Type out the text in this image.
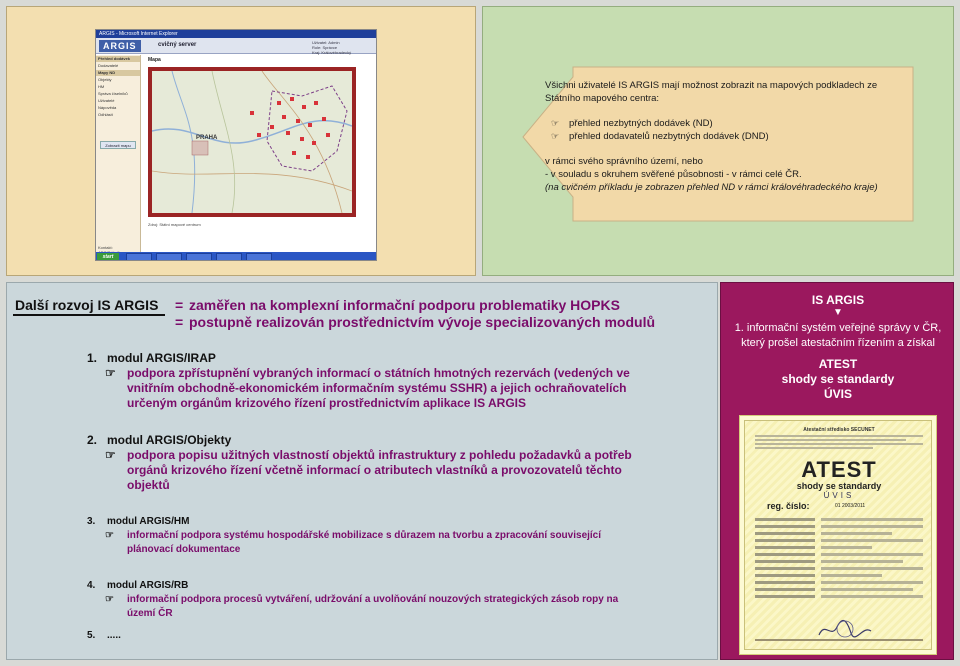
ARGIS - Microsoft Internet Explorer
ARGIS	cvičný server	Uživatel: Admin
Role: Správce
Kraj: Královéhradecký
Přehled dodávek
Dodavatelé
Mapy ND
Objekty
HM
Správa číselníků
Uživatelé
Nápověda
Odhlásit
Zobrazit mapu
Kontakt:
Mapa
PRAHA
Zdroj: Státní mapové centrum
start

Všichni uživatelé IS ARGIS mají možnost zobrazit na mapových podkladech ze Státního mapového centra:

☞ přehled nezbytných dodávek (ND)

☞ přehled dodavatelů nezbytných dodávek (DND)

v rámci svého správního území, nebo

- v souladu s okruhem svěřené působnosti - v rámci celé ČR.

(na cvičném příkladu je zobrazen přehled ND v rámci královéhradeckého kraje)

Další rozvoj IS ARGIS = zaměřen na komplexní informační podporu problematiky HOPKS
= postupně realizován prostřednictvím vývoje specializovaných modulů
1. modul ARGIS/IRAP
☞ podpora zpřístupnění vybraných informací o státních hmotných rezervách (vedených ve vnitřním obchodně-ekonomickém informačním systému SSHR) a jejich ochraňovatelích určeným orgánům krizového řízení prostřednictvím aplikace IS ARGIS
2. modul ARGIS/Objekty
☞ podpora popisu užitných vlastností objektů infrastruktury z pohledu požadavků a potřeb orgánů krizového řízení včetně informací o atributech vlastníků a provozovatelů těchto objektů
3. modul ARGIS/HM
☞ informační podpora systému hospodářské mobilizace s důrazem na tvorbu a zpracování související plánovací dokumentace
4. modul ARGIS/RB
☞ informační podpora procesů vytváření, udržování a uvolňování nouzových strategických zásob ropy na území ČR
5. .....
IS ARGIS
▼
1. informační systém veřejné správy v ČR, který prošel atestačním řízením a získal
ATEST
shody se standardy
ÚVIS
Atestační středisko SECUNET
ATEST
shody se standardy
ÚVIS
reg. číslo:	01 2003/2011
